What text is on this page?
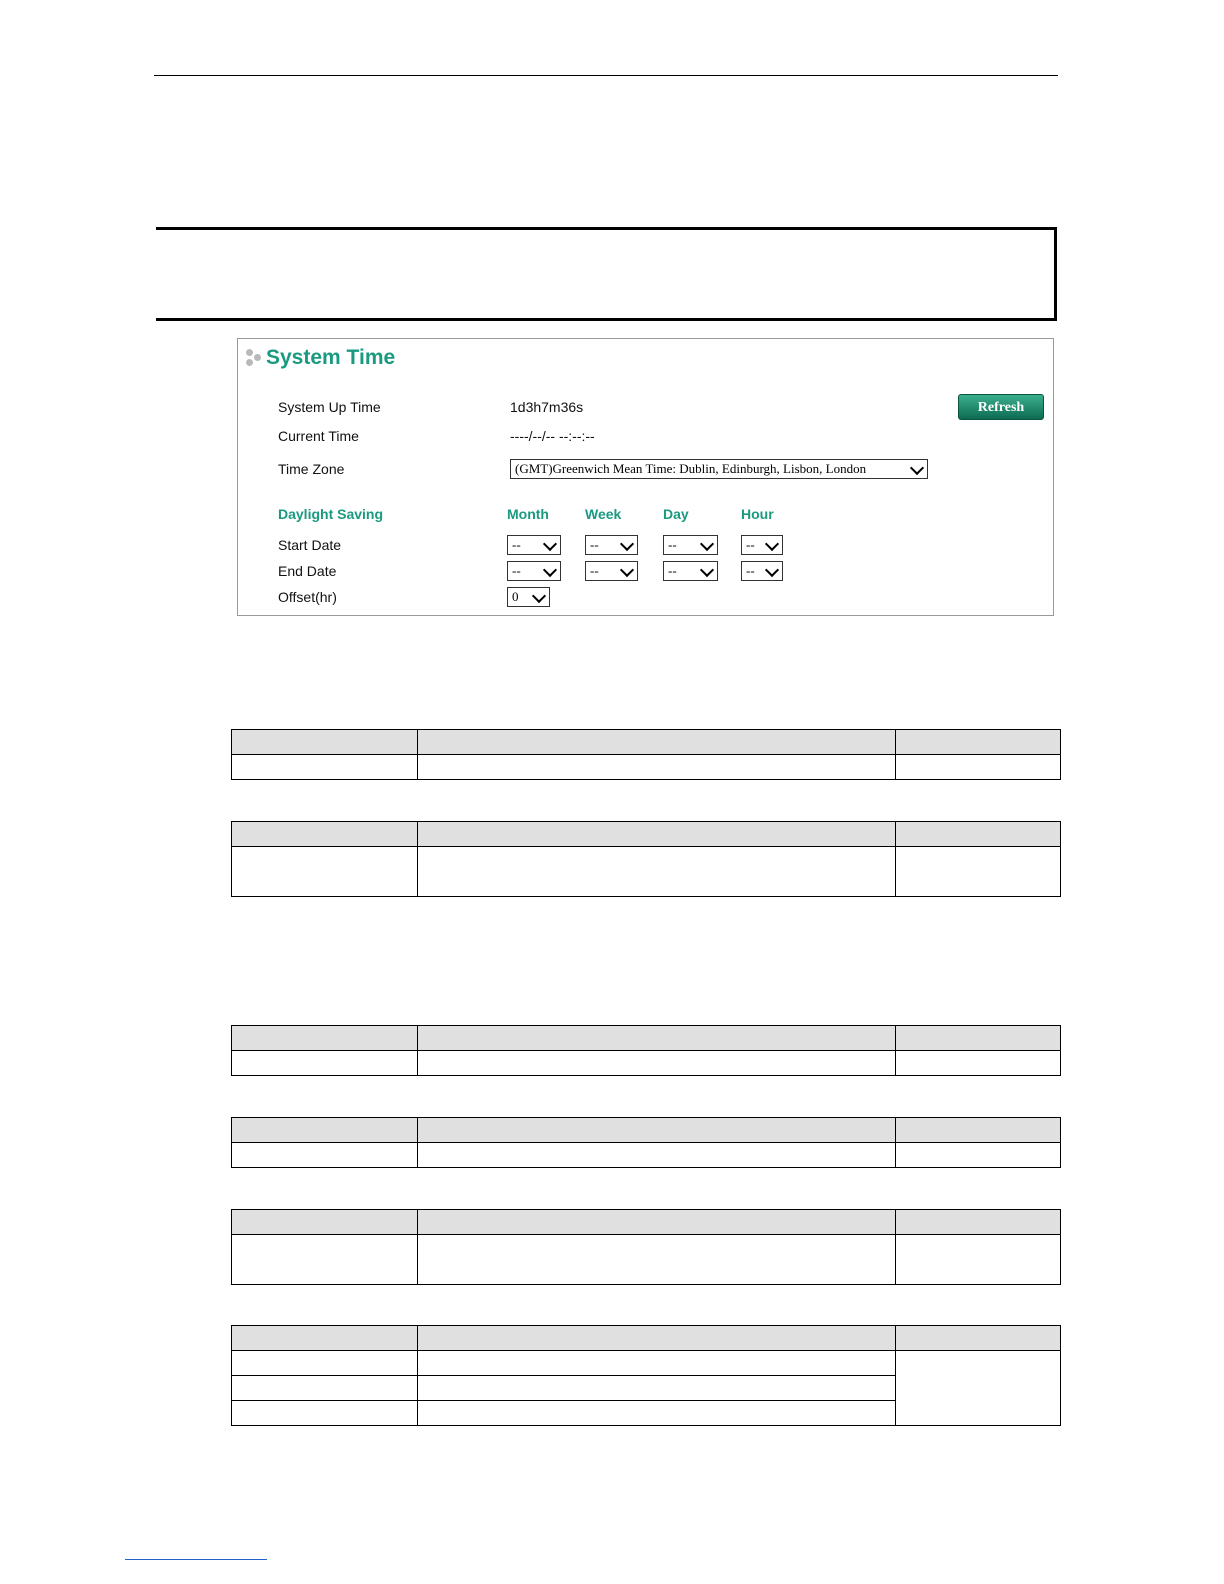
System Time
System Up Time	1d3h7m36s	Refresh
Current Time	----/--/-- --:--:--
Time Zone	(GMT)Greenwich Mean Time: Dublin, Edinburgh, Lisbon, London
Daylight Saving	Month	Week	Day	Hour
Start Date	--	--	--	--
End Date	--	--	--	--
Offset(hr)	0
